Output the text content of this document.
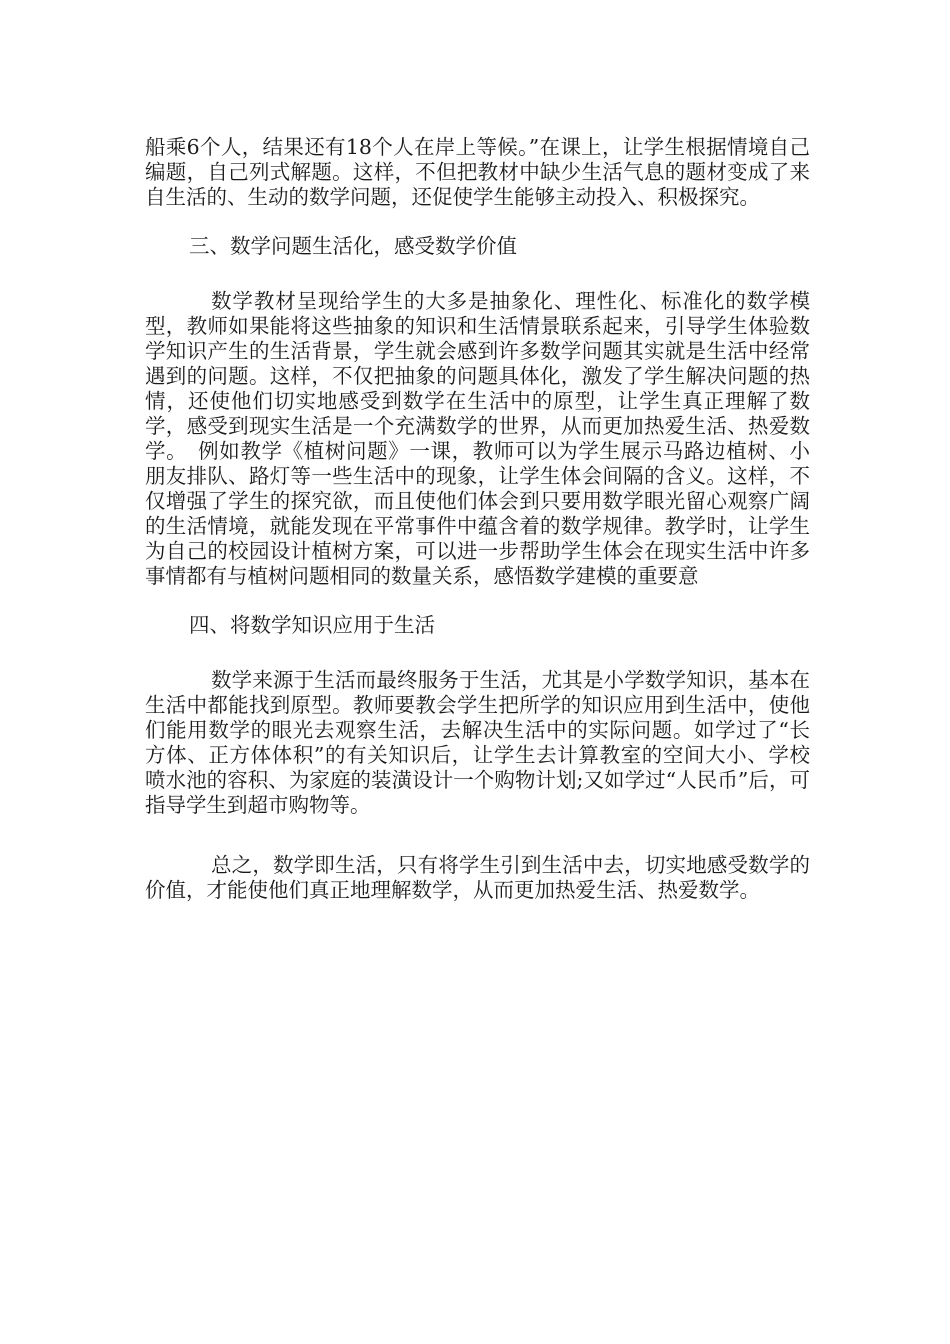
船乘6个人，结果还有18个人在岸上等候。”在课上，让学生根据情境自己编题，自己列式解题。这样，不但把教材中缺少生活气息的题材变成了来自生活的、生动的数学问题，还促使学生能够主动投入、积极探究。

三、数学问题生活化，感受数学价值

数学教材呈现给学生的大多是抽象化、理性化、标准化的数学模型，教师如果能将这些抽象的知识和生活情景联系起来，引导学生体验数学知识产生的生活背景，学生就会感到许多数学问题其实就是生活中经常遇到的问题。这样，不仅把抽象的问题具体化，激发了学生解决问题的热情，还使他们切实地感受到数学在生活中的原型，让学生真正理解了数学，感受到现实生活是一个充满数学的世界，从而更加热爱生活、热爱数学。　例如教学《植树问题》一课，教师可以为学生展示马路边植树、小朋友排队、路灯等一些生活中的现象，让学生体会间隔的含义。这样，不仅增强了学生的探究欲，而且使他们体会到只要用数学眼光留心观察广阔的生活情境，就能发现在平常事件中蕴含着的数学规律。教学时，让学生为自己的校园设计植树方案，可以进一步帮助学生体会在现实生活中许多事情都有与植树问题相同的数量关系，感悟数学建模的重要意

四、将数学知识应用于生活

数学来源于生活而最终服务于生活，尤其是小学数学知识，基本在生活中都能找到原型。教师要教会学生把所学的知识应用到生活中，使他们能用数学的眼光去观察生活，去解决生活中的实际问题。如学过了“长方体、正方体体积”的有关知识后，让学生去计算教室的空间大小、学校喷水池的容积、为家庭的装潢设计一个购物计划;又如学过“人民币”后，可指导学生到超市购物等。

总之，数学即生活，只有将学生引到生活中去，切实地感受数学的价值，才能使他们真正地理解数学，从而更加热爱生活、热爱数学。
